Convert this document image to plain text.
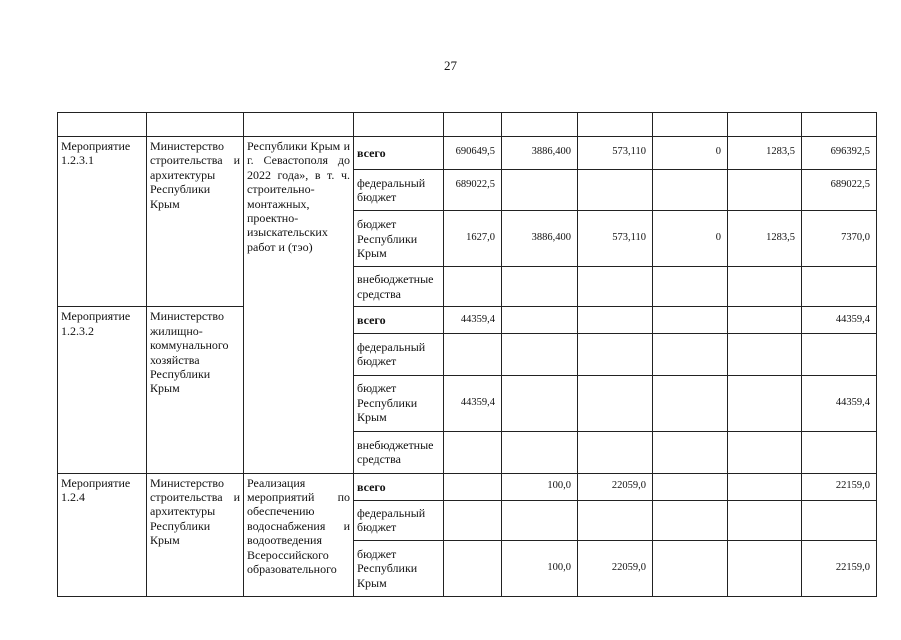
27

Мероприятие 1.2.3.1	Министерство строительства и архитектуры Республики Крым	Республики Крым и г. Севастополя до 2022 года», в т. ч. строительно-монтажных, проектно-изыскательских работ и (тэо)	всего	690649,5	3886,400	573,110	0	1283,5	696392,5
			федеральный бюджет	689022,5					689022,5
			бюджет Республики Крым	1627,0	3886,400	573,110	0	1283,5	7370,0
			внебюджетные средства						
Мероприятие 1.2.3.2	Министерство жилищно-коммунального хозяйства Республики Крым		всего	44359,4					44359,4
			федеральный бюджет						
			бюджет Республики Крым	44359,4					44359,4
			внебюджетные средства						
Мероприятие 1.2.4	Министерство строительства и архитектуры Республики Крым	Реализация мероприятий по обеспечению водоснабжения и водоотведения Всероссийского образовательного	всего		100,0	22059,0			22159,0
			федеральный бюджет						
			бюджет Республики Крым		100,0	22059,0			22159,0
